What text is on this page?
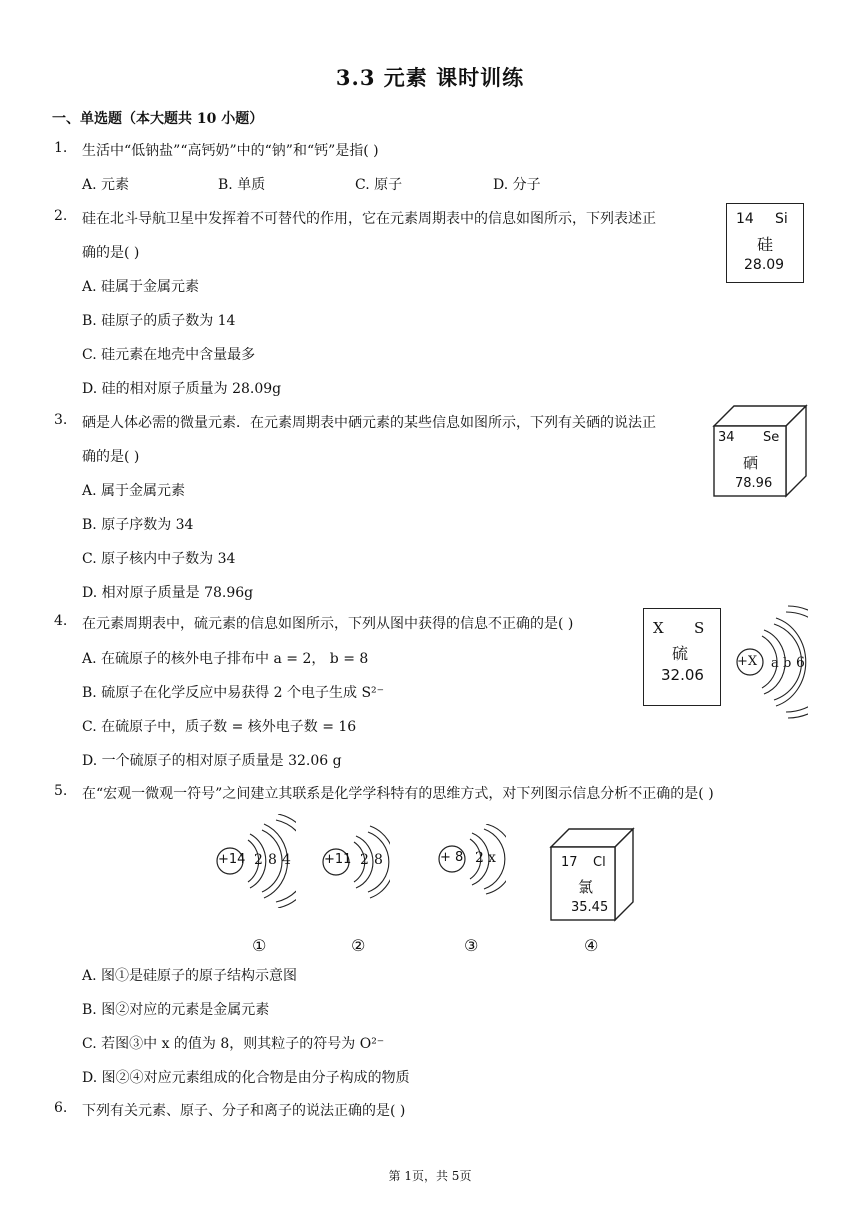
3.3 元素 课时训练
一、单选题（本大题共 10 小题）
1. 生活中“低钠盐”“高钙奶”中的“钠”和“钙”是指( )
A. 元素	B. 单质	C. 原子	D. 分子
2. 硅在北斗导航卫星中发挥着不可替代的作用，它在元素周期表中的信息如图所示，下列表述正
确的是( )
A. 硅属于金属元素
B. 硅原子的质子数为 14
C. 硅元素在地壳中含量最多
D. 硅的相对原子质量为 28.09g
14 Si
硅
28.09
3. 硒是人体必需的微量元素．在元素周期表中硒元素的某些信息如图所示，下列有关硒的说法正
确的是( )
A. 属于金属元素
B. 原子序数为 34
C. 原子核内中子数为 34
D. 相对原子质量是 78.96g
34 Se
硒
78.96
4. 在元素周期表中，硫元素的信息如图所示，下列从图中获得的信息不正确的是( )
A. 在硫原子的核外电子排布中 a = 2， b = 8
B. 硫原子在化学反应中易获得 2 个电子生成 S²⁻
C. 在硫原子中，质子数 = 核外电子数 = 16
D. 一个硫原子的相对原子质量是 32.06 g
X S
硫
32.06
+X a b 6
5. 在“宏观一微观一符号”之间建立其联系是化学学科特有的思维方式，对下列图示信息分析不正确的是( )
+14 2 8 4
①
+11 2 8
②
+ 8 2 x
③
17 Cl
氯
35.45
④
A. 图①是硅原子的原子结构示意图
B. 图②对应的元素是金属元素
C. 若图③中 x 的值为 8，则其粒子的符号为 O²⁻
D. 图②④对应元素组成的化合物是由分子构成的物质
6. 下列有关元素、原子、分子和离子的说法正确的是( )
第 1页，共 5页
